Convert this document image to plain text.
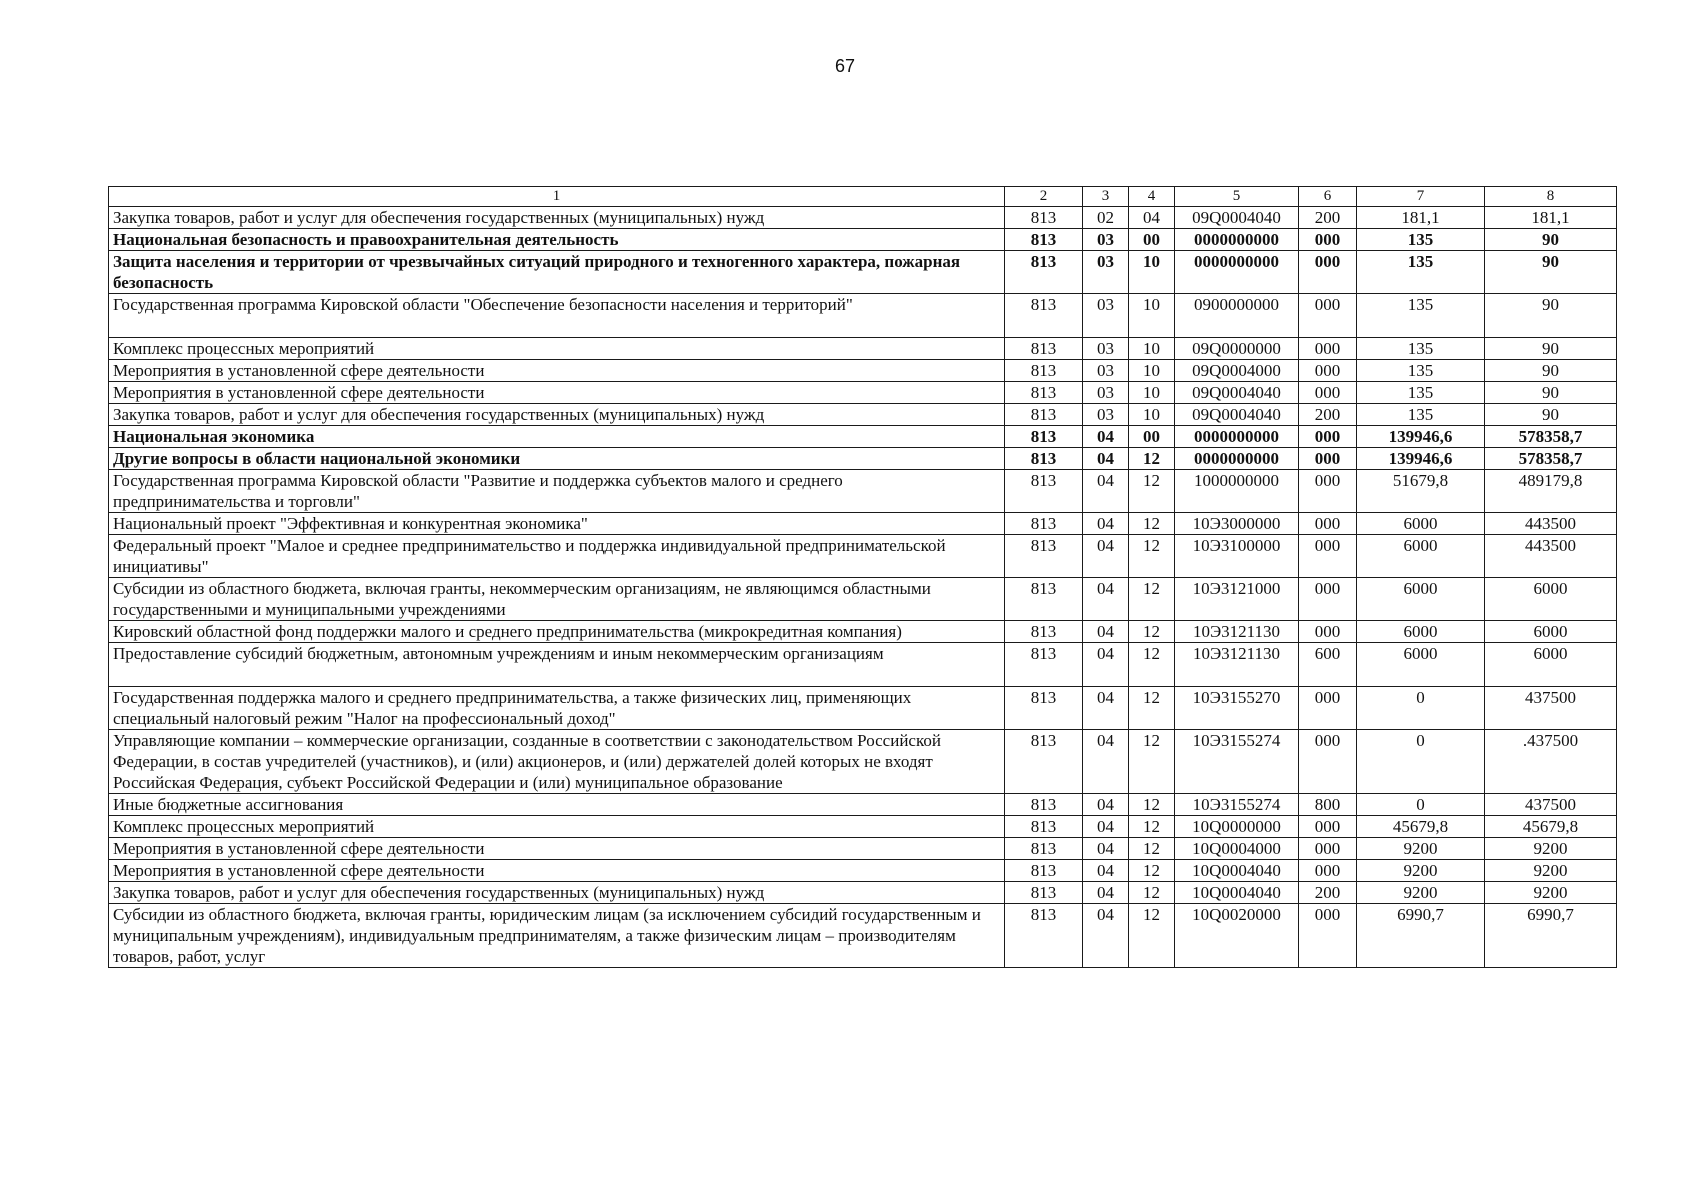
67
1	2	3	4	5	6	7	8
Закупка товаров, работ и услуг для обеспечения государственных (муниципальных) нужд	813	02	04	09Q0004040	200	181,1	181,1
Национальная безопасность и правоохранительная деятельность	813	03	00	0000000000	000	135	90
Защита населения и территории от чрезвычайных ситуаций природного и техногенного характера, пожарная безопасность	813	03	10	0000000000	000	135	90
Государственная программа Кировской области "Обеспечение безопасности населения и территорий"	813	03	10	0900000000	000	135	90
Комплекс процессных мероприятий	813	03	10	09Q0000000	000	135	90
Мероприятия в установленной сфере деятельности	813	03	10	09Q0004000	000	135	90
Мероприятия в установленной сфере деятельности	813	03	10	09Q0004040	000	135	90
Закупка товаров, работ и услуг для обеспечения государственных (муниципальных) нужд	813	03	10	09Q0004040	200	135	90
Национальная экономика	813	04	00	0000000000	000	139946,6	578358,7
Другие вопросы в области национальной экономики	813	04	12	0000000000	000	139946,6	578358,7
Государственная программа Кировской области "Развитие и поддержка субъектов малого и среднего предпринимательства и торговли"	813	04	12	1000000000	000	51679,8	489179,8
Национальный проект "Эффективная и конкурентная экономика"	813	04	12	10Э3000000	000	6000	443500
Федеральный проект "Малое и среднее предпринимательство и поддержка индивидуальной предпринимательской инициативы"	813	04	12	10Э3100000	000	6000	443500
Субсидии из областного бюджета, включая гранты, некоммерческим организациям, не являющимся областными государственными и муниципальными учреждениями	813	04	12	10Э3121000	000	6000	6000
Кировский областной фонд поддержки малого и среднего предпринимательства (микрокредитная компания)	813	04	12	10Э3121130	000	6000	6000
Предоставление субсидий бюджетным, автономным учреждениям и иным некоммерческим организациям	813	04	12	10Э3121130	600	6000	6000
Государственная поддержка малого и среднего предпринимательства, а также физических лиц, применяющих специальный налоговый режим "Налог на профессиональный доход"	813	04	12	10Э3155270	000	0	437500
Управляющие компании – коммерческие организации, созданные в соответствии с законодательством Российской Федерации, в состав учредителей (участников), и (или) акционеров, и (или) держателей долей которых не входят Российская Федерация, субъект Российской Федерации и (или) муниципальное образование	813	04	12	10Э3155274	000	0	.437500
Иные бюджетные ассигнования	813	04	12	10Э3155274	800	0	437500
Комплекс процессных мероприятий	813	04	12	10Q0000000	000	45679,8	45679,8
Мероприятия в установленной сфере деятельности	813	04	12	10Q0004000	000	9200	9200
Мероприятия в установленной сфере деятельности	813	04	12	10Q0004040	000	9200	9200
Закупка товаров, работ и услуг для обеспечения государственных (муниципальных) нужд	813	04	12	10Q0004040	200	9200	9200
Субсидии из областного бюджета, включая гранты, юридическим лицам (за исключением субсидий государственным и муниципальным учреждениям), индивидуальным предпринимателям, а также физическим лицам – производителям товаров, работ, услуг	813	04	12	10Q0020000	000	6990,7	6990,7
